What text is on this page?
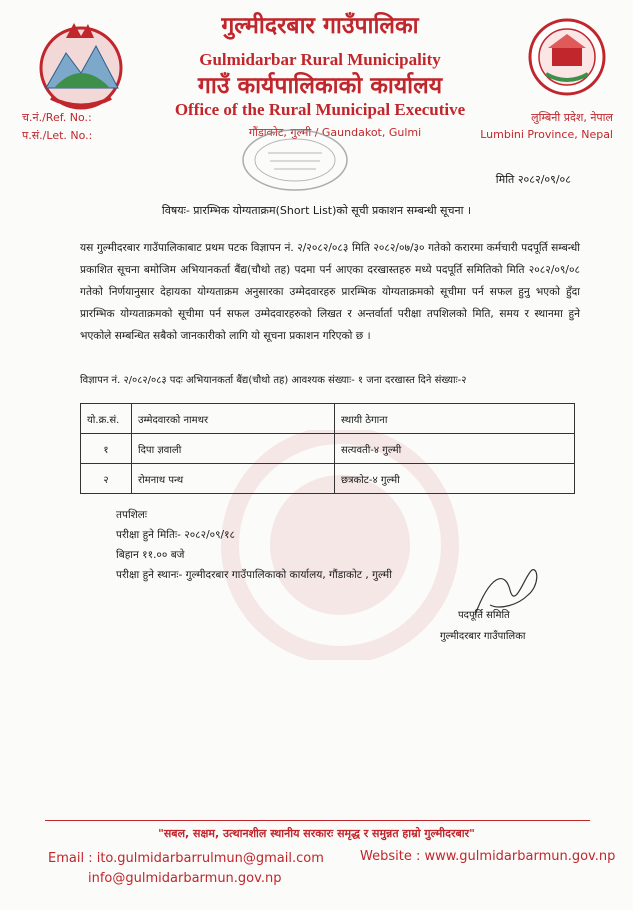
गुल्मीदरबार गाउँपालिका
Gulmidarbar Rural Municipality
गाउँ कार्यपालिकाको कार्यालय
Office of the Rural Municipal Executive
गौंडाकोट, गुल्मी / Gaundakot, Gulmi
च.नं./Ref. No.:
प.सं./Let. No.:
लुम्बिनी प्रदेश, नेपाल
Lumbini Province, Nepal
मिति २०८२/०९/०८
विषयः- प्रारम्भिक योग्यताक्रम(Short List)को सूची प्रकाशन सम्बन्धी सूचना ।
यस गुल्मीदरबार गाउँपालिकाबाट प्रथम पटक विज्ञापन नं. २/२०८२/०८३ मिति २०८२/०७/३० गतेको करारमा कर्मचारी पदपूर्ति सम्बन्धी प्रकाशित सूचना बमोजिम अभियानकर्ता बैंद्य(चौथो तह) पदमा पर्न आएका दरखास्तहरु मध्ये पदपूर्ति समितिको मिति २०८२/०९/०८ गतेको निर्णयानुसार देहायका योग्यताक्रम अनुसारका उम्मेदवारहरु प्रारम्भिक योग्यताक्रमको सूचीमा पर्न सफल हुनु भएको हुँदा प्रारम्भिक योग्यताक्रमको सूचीमा पर्न सफल उम्मेदवारहरुको लिखत र अन्तर्वार्ता परीक्षा तपशिलको मिति, समय र स्थानमा हुने भएकोले सम्बन्धित सबैको जानकारीको लागि यो सूचना प्रकाशन गरिएको छ ।
विज्ञापन नं. २/०८२/०८३ पदः अभियानकर्ता बैंद्य(चौथो तह) आवश्यक संख्याः- १ जना दरखास्त दिने संख्याः-२
यो.क्र.सं.	उम्मेदवारको नामथर	स्थायी ठेगाना
१	दिपा ज्ञवाली	सत्यवती-४ गुल्मी
२	रोमनाथ पन्थ	छत्रकोट-४ गुल्मी
तपशिलः
परीक्षा हुने मितिः- २०८२/०९/१८
बिहान ११.०० बजे
परीक्षा हुने स्थानः- गुल्मीदरबार गाउँपालिकाको कार्यालय, गौंडाकोट , गुल्मी
पदपूर्ति समिति
गुल्मीदरबार गाउँपालिका
"सबल, सक्षम, उत्थानशील स्थानीय सरकारः समृद्ध र समुन्नत हाम्रो गुल्मीदरबार"
Email : ito.gulmidarbarrulmun@gmail.com
info@gulmidarbarmun.gov.np
Website : www.gulmidarbarmun.gov.np
